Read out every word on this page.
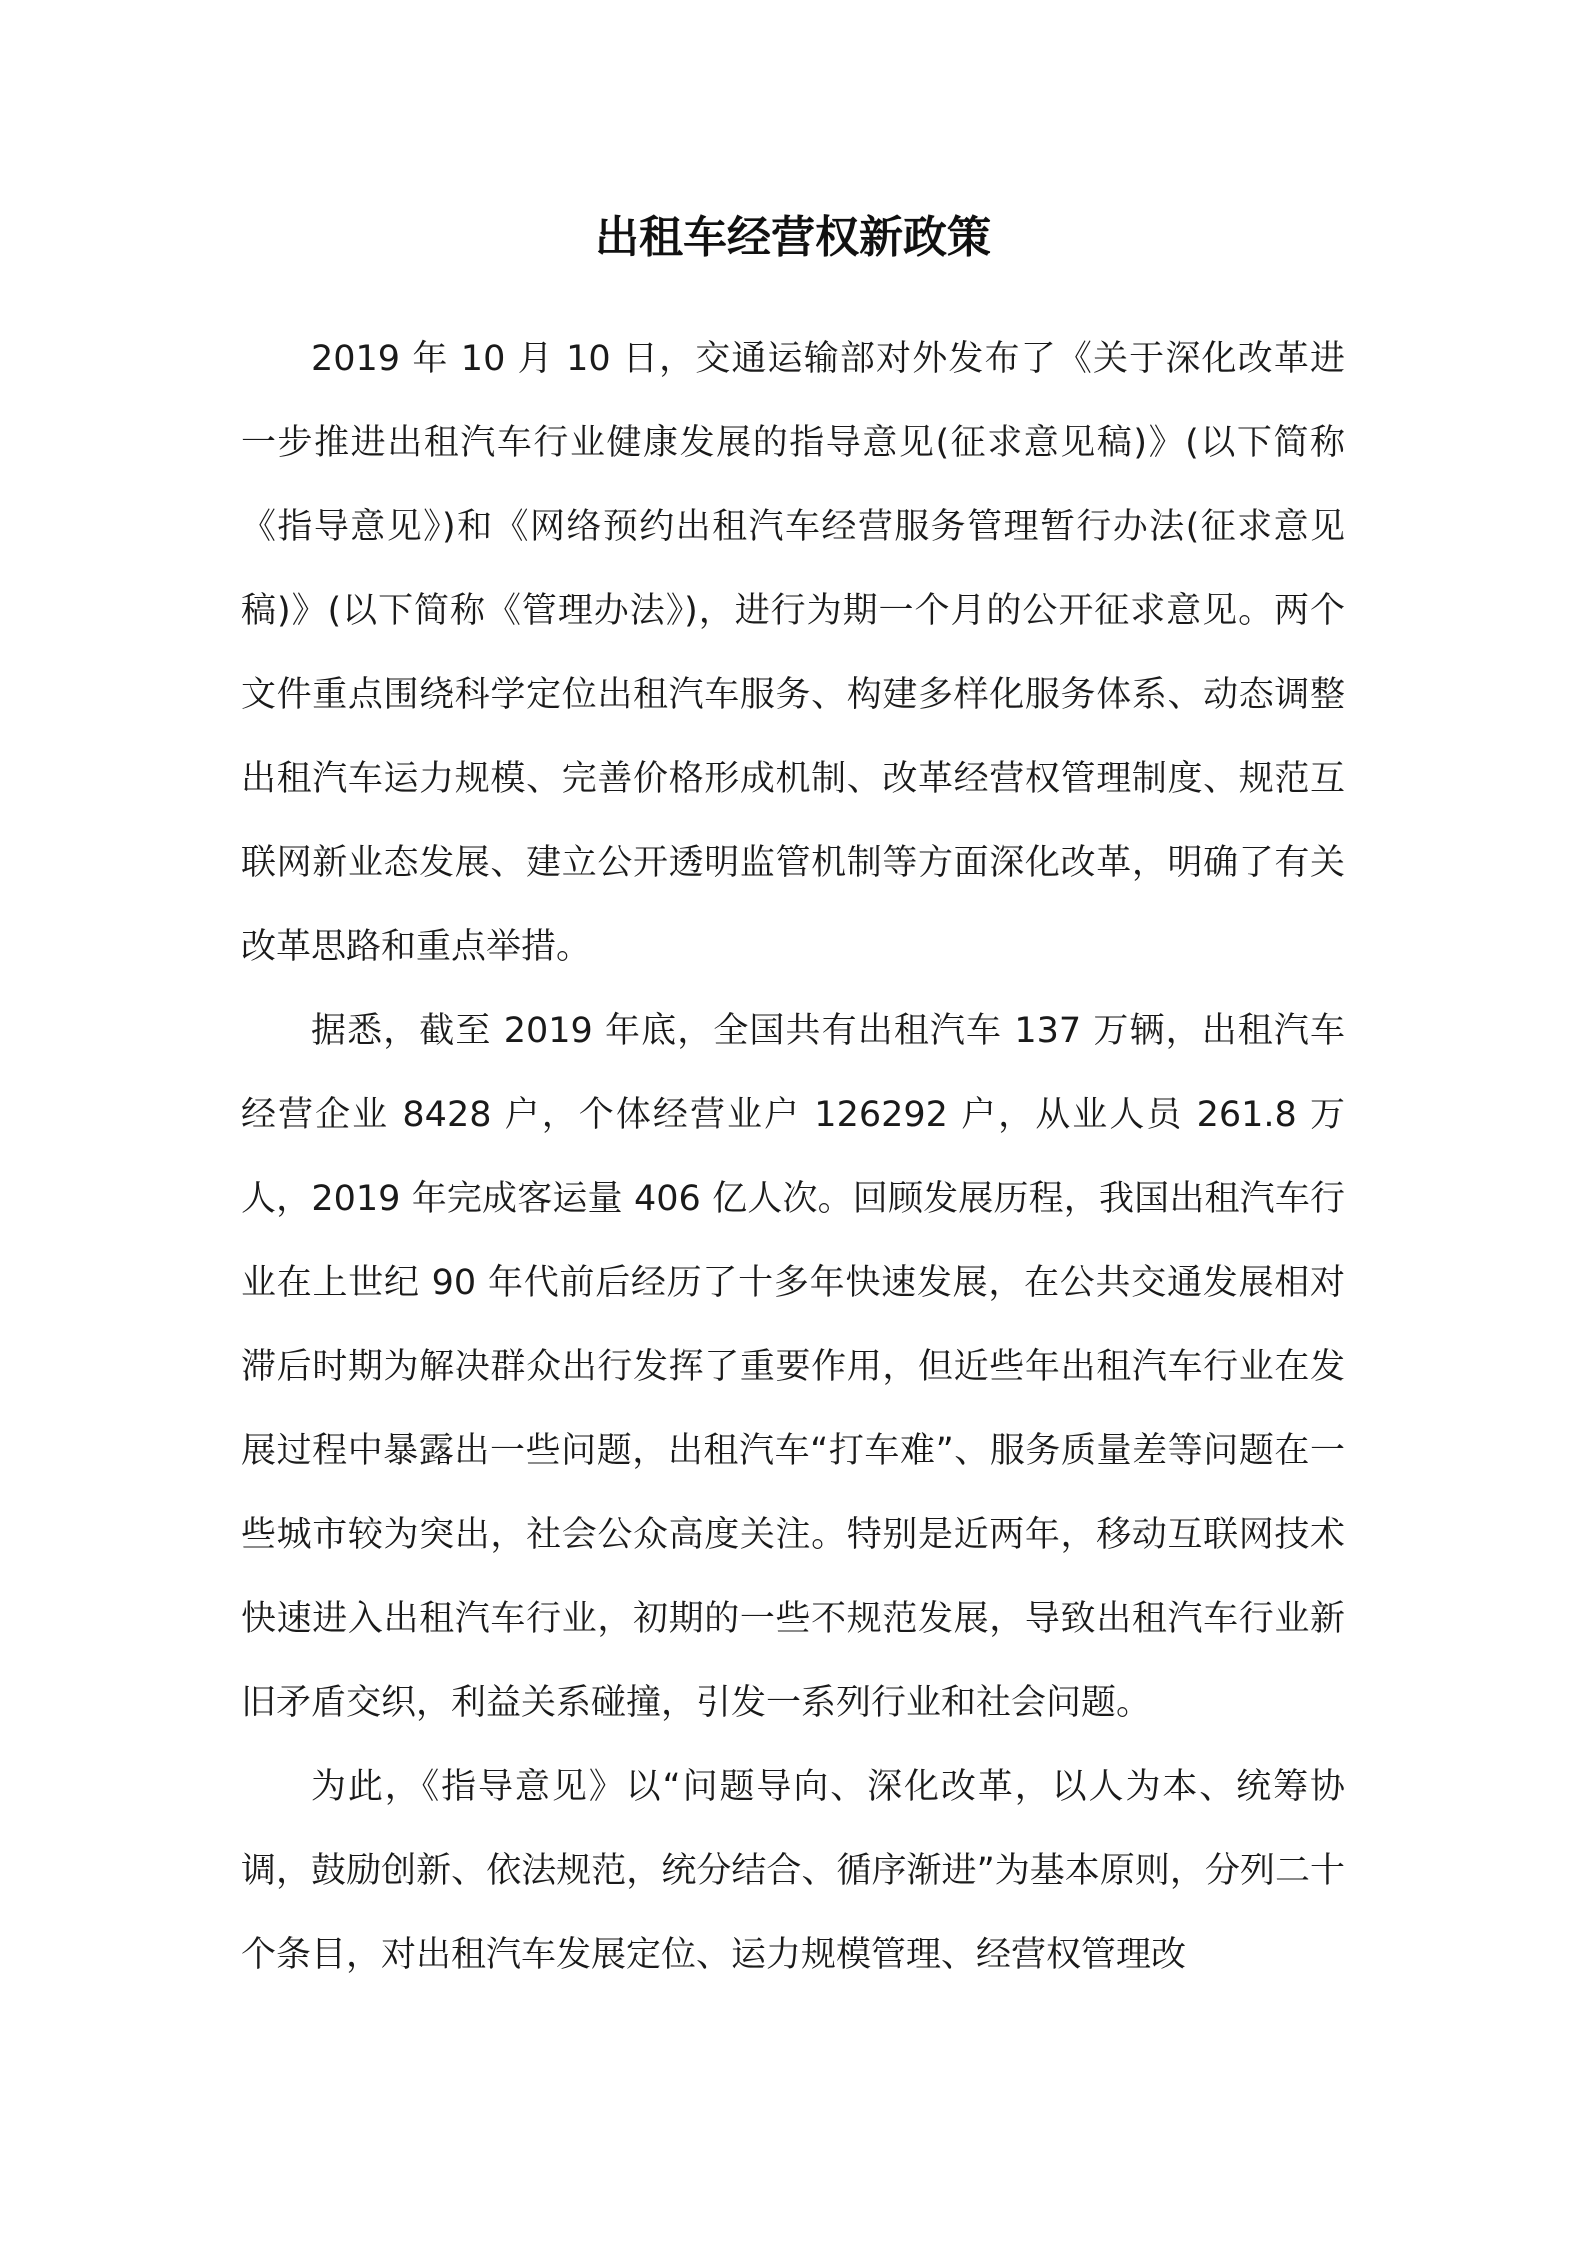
出租车经营权新政策

2019 年 10 月 10 日，交通运输部对外发布了《关于深化改革进一步推进出租汽车行业健康发展的指导意见(征求意见稿)》(以下简称《指导意见》)和《网络预约出租汽车经营服务管理暂行办法(征求意见稿)》(以下简称《管理办法》)，进行为期一个月的公开征求意见。两个文件重点围绕科学定位出租汽车服务、构建多样化服务体系、动态调整出租汽车运力规模、完善价格形成机制、改革经营权管理制度、规范互联网新业态发展、建立公开透明监管机制等方面深化改革，明确了有关改革思路和重点举措。

据悉，截至 2019 年底，全国共有出租汽车 137 万辆，出租汽车经营企业 8428 户，个体经营业户 126292 户，从业人员 261.8 万人，2019 年完成客运量 406 亿人次。回顾发展历程，我国出租汽车行业在上世纪 90 年代前后经历了十多年快速发展，在公共交通发展相对滞后时期为解决群众出行发挥了重要作用，但近些年出租汽车行业在发展过程中暴露出一些问题，出租汽车“打车难”、服务质量差等问题在一些城市较为突出，社会公众高度关注。特别是近两年，移动互联网技术快速进入出租汽车行业，初期的一些不规范发展，导致出租汽车行业新旧矛盾交织，利益关系碰撞，引发一系列行业和社会问题。

为此，《指导意见》以“问题导向、深化改革，以人为本、统筹协调，鼓励创新、依法规范，统分结合、循序渐进”为基本原则，分列二十个条目，对出租汽车发展定位、运力规模管理、经营权管理改
